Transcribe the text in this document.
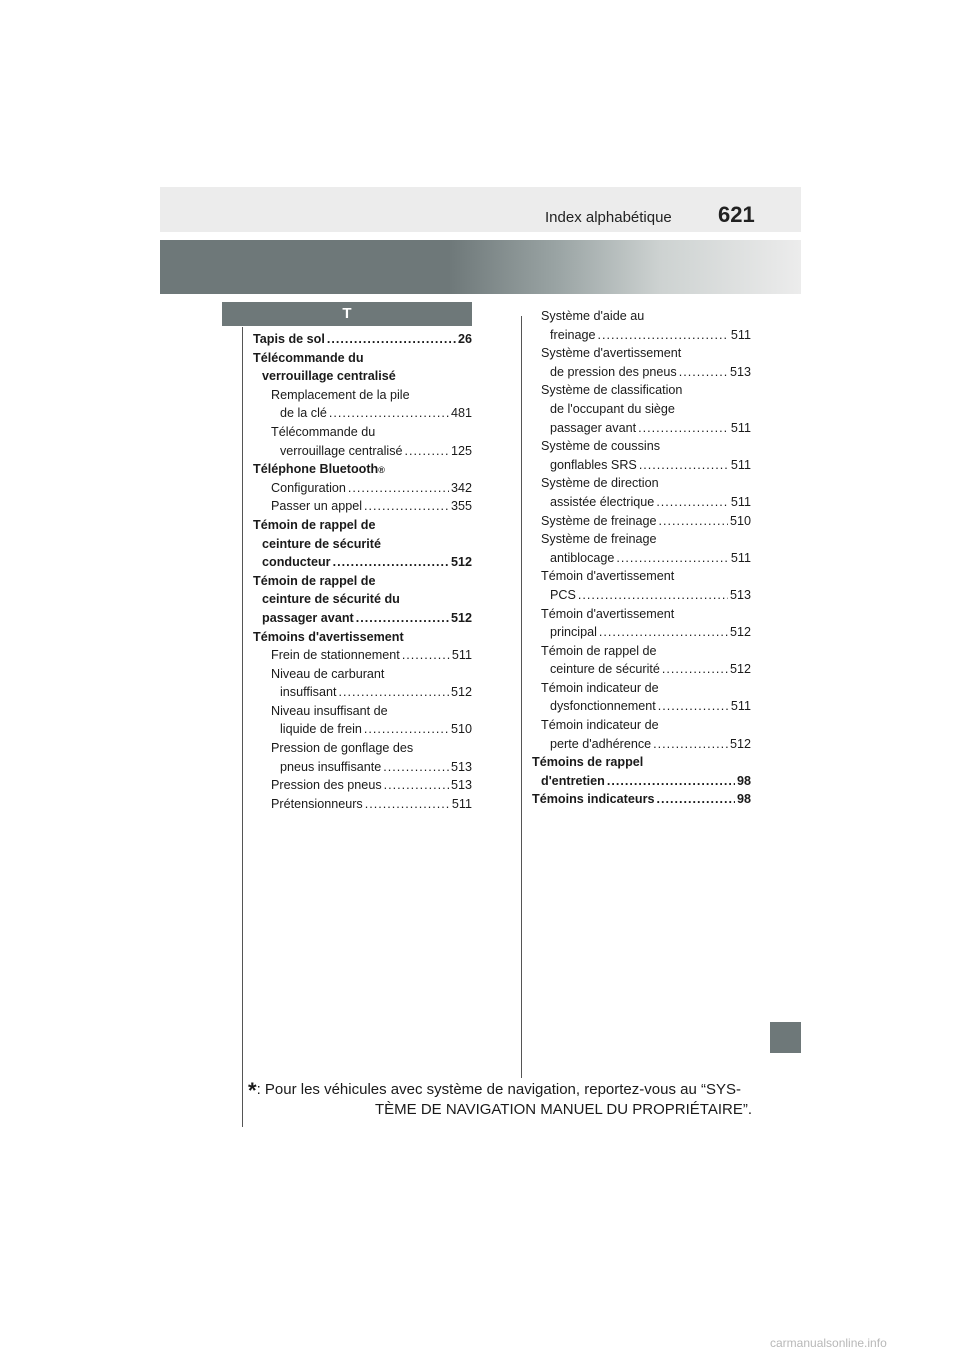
Index alphabétique 621
T
Tapis de sol .....	26
Télécommande du
verrouillage centralisé
Remplacement de la pile
de la clé .....	481
Télécommande du
verrouillage centralisé .....	125
Téléphone Bluetooth ®
Configuration .....	342
Passer un appel .....	355
Témoin de rappel de
ceinture de sécurité
conducteur .....	512
Témoin de rappel de
ceinture de sécurité du
passager avant .....	512
Témoins d'avertissement
Frein de stationnement .....	511
Niveau de carburant
insuffisant .....	512
Niveau insuffisant de
liquide de frein .....	510
Pression de gonflage des
pneus insuffisante .....	513
Pression des pneus .....	513
Prétensionneurs .....	511
Système d'aide au
freinage .....	511
Système d'avertissement
de pression des pneus .....	513
Système de classification
de l'occupant du siège
passager avant .....	511
Système de coussins
gonflables SRS .....	511
Système de direction
assistée électrique .....	511
Système de freinage .....	510
Système de freinage
antiblocage .....	511
Témoin d'avertissement
PCS .....	513
Témoin d'avertissement
principal .....	512
Témoin de rappel de
ceinture de sécurité .....	512
Témoin indicateur de
dysfonctionnement .....	511
Témoin indicateur de
perte d'adhérence .....	512
Témoins de rappel
d'entretien .....	98
Témoins indicateurs .....	98
*: Pour les véhicules avec système de navigation, reportez-vous au “SYS-
TÈME DE NAVIGATION MANUEL DU PROPRIÉTAIRE”.
carmanualsonline.info
